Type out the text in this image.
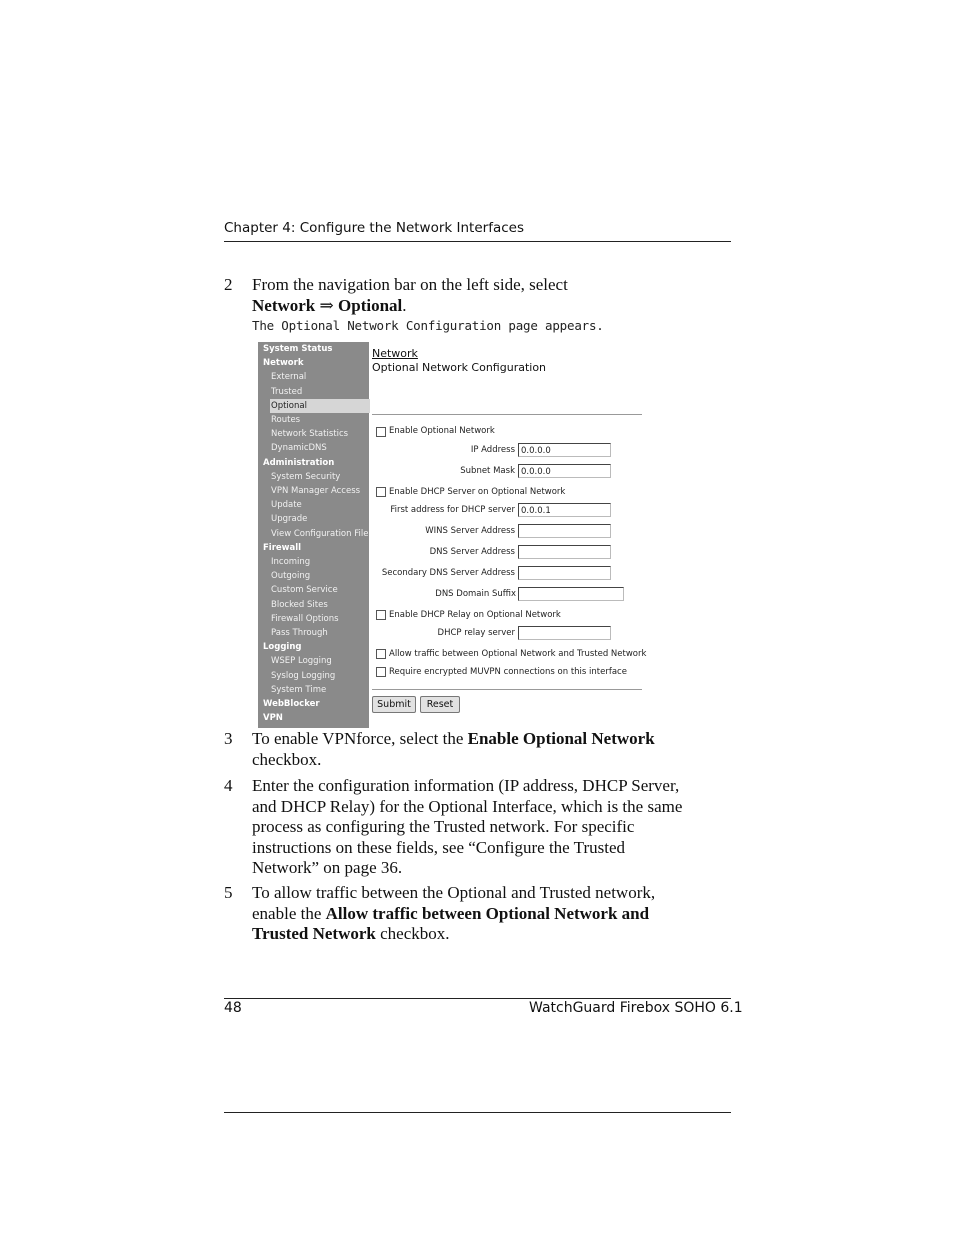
Chapter 4: Configure the Network Interfaces
2 From the navigation bar on the left side, select
Network ⇒ Optional.
The Optional Network Configuration page appears.
System Status
Network
External
Trusted
Optional
Routes
Network Statistics
DynamicDNS
Administration
System Security
VPN Manager Access
Update
Upgrade
View Configuration File
Firewall
Incoming
Outgoing
Custom Service
Blocked Sites
Firewall Options
Pass Through
Logging
WSEP Logging
Syslog Logging
System Time
WebBlocker
VPN
Network
Optional Network Configuration
Enable Optional Network
IP Address 0.0.0.0
Subnet Mask 0.0.0.0
Enable DHCP Server on Optional Network
First address for DHCP server 0.0.0.1
WINS Server Address
DNS Server Address
Secondary DNS Server Address
DNS Domain Suffix
Enable DHCP Relay on Optional Network
DHCP relay server
Allow traffic between Optional Network and Trusted Network
Require encrypted MUVPN connections on this interface
Submit	Reset
3 To enable VPNforce, select the Enable Optional Network
checkbox.
4 Enter the configuration information (IP address, DHCP Server,
and DHCP Relay) for the Optional Interface, which is the same
process as configuring the Trusted network. For specific
instructions on these fields, see “Configure the Trusted
Network” on page 36.
5 To allow traffic between the Optional and Trusted network,
enable the Allow traffic between Optional Network and
Trusted Network checkbox.
48	WatchGuard Firebox SOHO 6.1
